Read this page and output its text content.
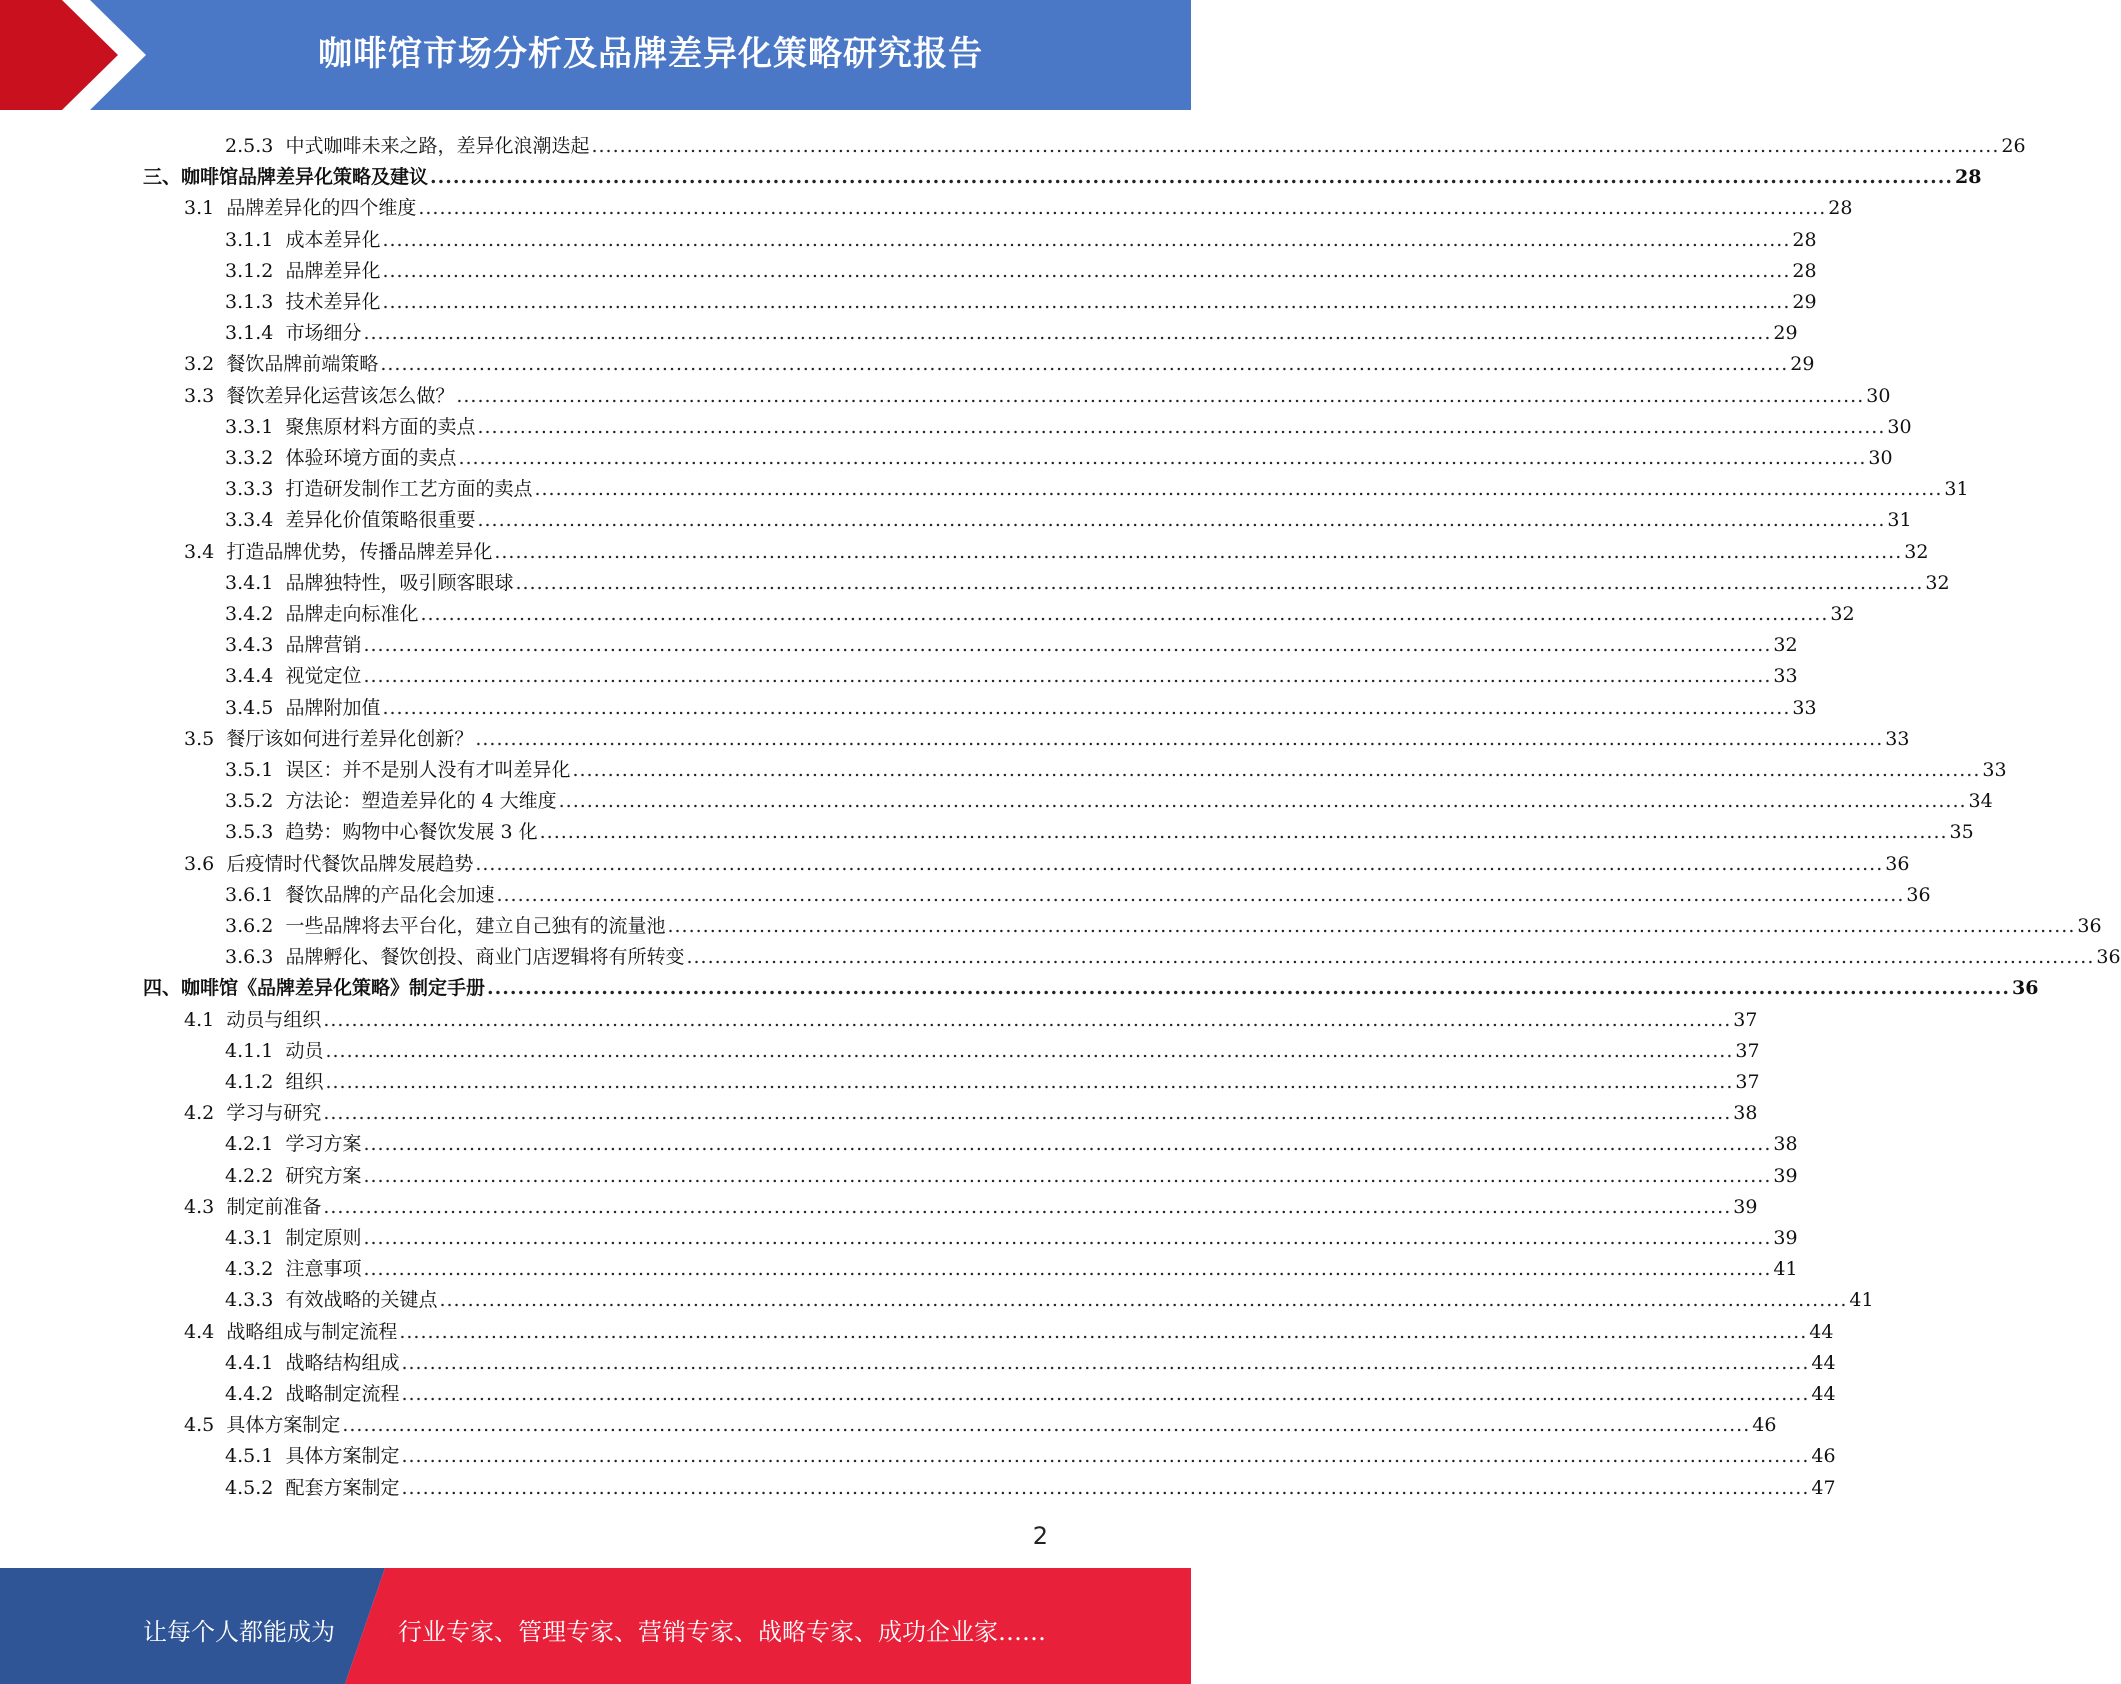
咖啡馆市场分析及品牌差异化策略研究报告
2.5.3
中式咖啡未来之路，差异化浪潮迭起 ........................................................................................................................................................................................................ 26
三、咖啡馆品牌差异化策略及建议 ........................................................................................................................................................................................................ 28
3.1
品牌差异化的四个维度 ........................................................................................................................................................................................................ 28
3.1.1
成本差异化 ........................................................................................................................................................................................................ 28
3.1.2
品牌差异化 ........................................................................................................................................................................................................ 28
3.1.3
技术差异化 ........................................................................................................................................................................................................ 29
3.1.4
市场细分 ........................................................................................................................................................................................................ 29
3.2
餐饮品牌前端策略 ........................................................................................................................................................................................................ 29
3.3
餐饮差异化运营该怎么做？ ........................................................................................................................................................................................................ 30
3.3.1
聚焦原材料方面的卖点 ........................................................................................................................................................................................................ 30
3.3.2
体验环境方面的卖点 ........................................................................................................................................................................................................ 30
3.3.3
打造研发制作工艺方面的卖点 ........................................................................................................................................................................................................ 31
3.3.4
差异化价值策略很重要 ........................................................................................................................................................................................................ 31
3.4
打造品牌优势，传播品牌差异化 ........................................................................................................................................................................................................ 32
3.4.1
品牌独特性，吸引顾客眼球 ........................................................................................................................................................................................................ 32
3.4.2
品牌走向标准化 ........................................................................................................................................................................................................ 32
3.4.3
品牌营销 ........................................................................................................................................................................................................ 32
3.4.4
视觉定位 ........................................................................................................................................................................................................ 33
3.4.5
品牌附加值 ........................................................................................................................................................................................................ 33
3.5
餐厅该如何进行差异化创新？ ........................................................................................................................................................................................................ 33
3.5.1
误区：并不是别人没有才叫差异化 ........................................................................................................................................................................................................ 33
3.5.2
方法论：塑造差异化的 4 大维度 ........................................................................................................................................................................................................ 34
3.5.3
趋势：购物中心餐饮发展 3 化 ........................................................................................................................................................................................................ 35
3.6
后疫情时代餐饮品牌发展趋势 ........................................................................................................................................................................................................ 36
3.6.1
餐饮品牌的产品化会加速 ........................................................................................................................................................................................................ 36
3.6.2
一些品牌将去平台化，建立自己独有的流量池 ........................................................................................................................................................................................................ 36
3.6.3
品牌孵化、餐饮创投、商业门店逻辑将有所转变 ........................................................................................................................................................................................................ 36
四、咖啡馆《品牌差异化策略》制定手册 ........................................................................................................................................................................................................ 36
4.1
动员与组织 ........................................................................................................................................................................................................ 37
4.1.1
动员 ........................................................................................................................................................................................................ 37
4.1.2
组织 ........................................................................................................................................................................................................ 37
4.2
学习与研究 ........................................................................................................................................................................................................ 38
4.2.1
学习方案 ........................................................................................................................................................................................................ 38
4.2.2
研究方案 ........................................................................................................................................................................................................ 39
4.3
制定前准备 ........................................................................................................................................................................................................ 39
4.3.1
制定原则 ........................................................................................................................................................................................................ 39
4.3.2
注意事项 ........................................................................................................................................................................................................ 41
4.3.3
有效战略的关键点 ........................................................................................................................................................................................................ 41
4.4
战略组成与制定流程 ........................................................................................................................................................................................................ 44
4.4.1
战略结构组成 ........................................................................................................................................................................................................ 44
4.4.2
战略制定流程 ........................................................................................................................................................................................................ 44
4.5
具体方案制定 ........................................................................................................................................................................................................ 46
4.5.1
具体方案制定 ........................................................................................................................................................................................................ 46
4.5.2
配套方案制定 ........................................................................................................................................................................................................ 47
2
让每个人都能成为	行业专家、管理专家、营销专家、战略专家、成功企业家……
